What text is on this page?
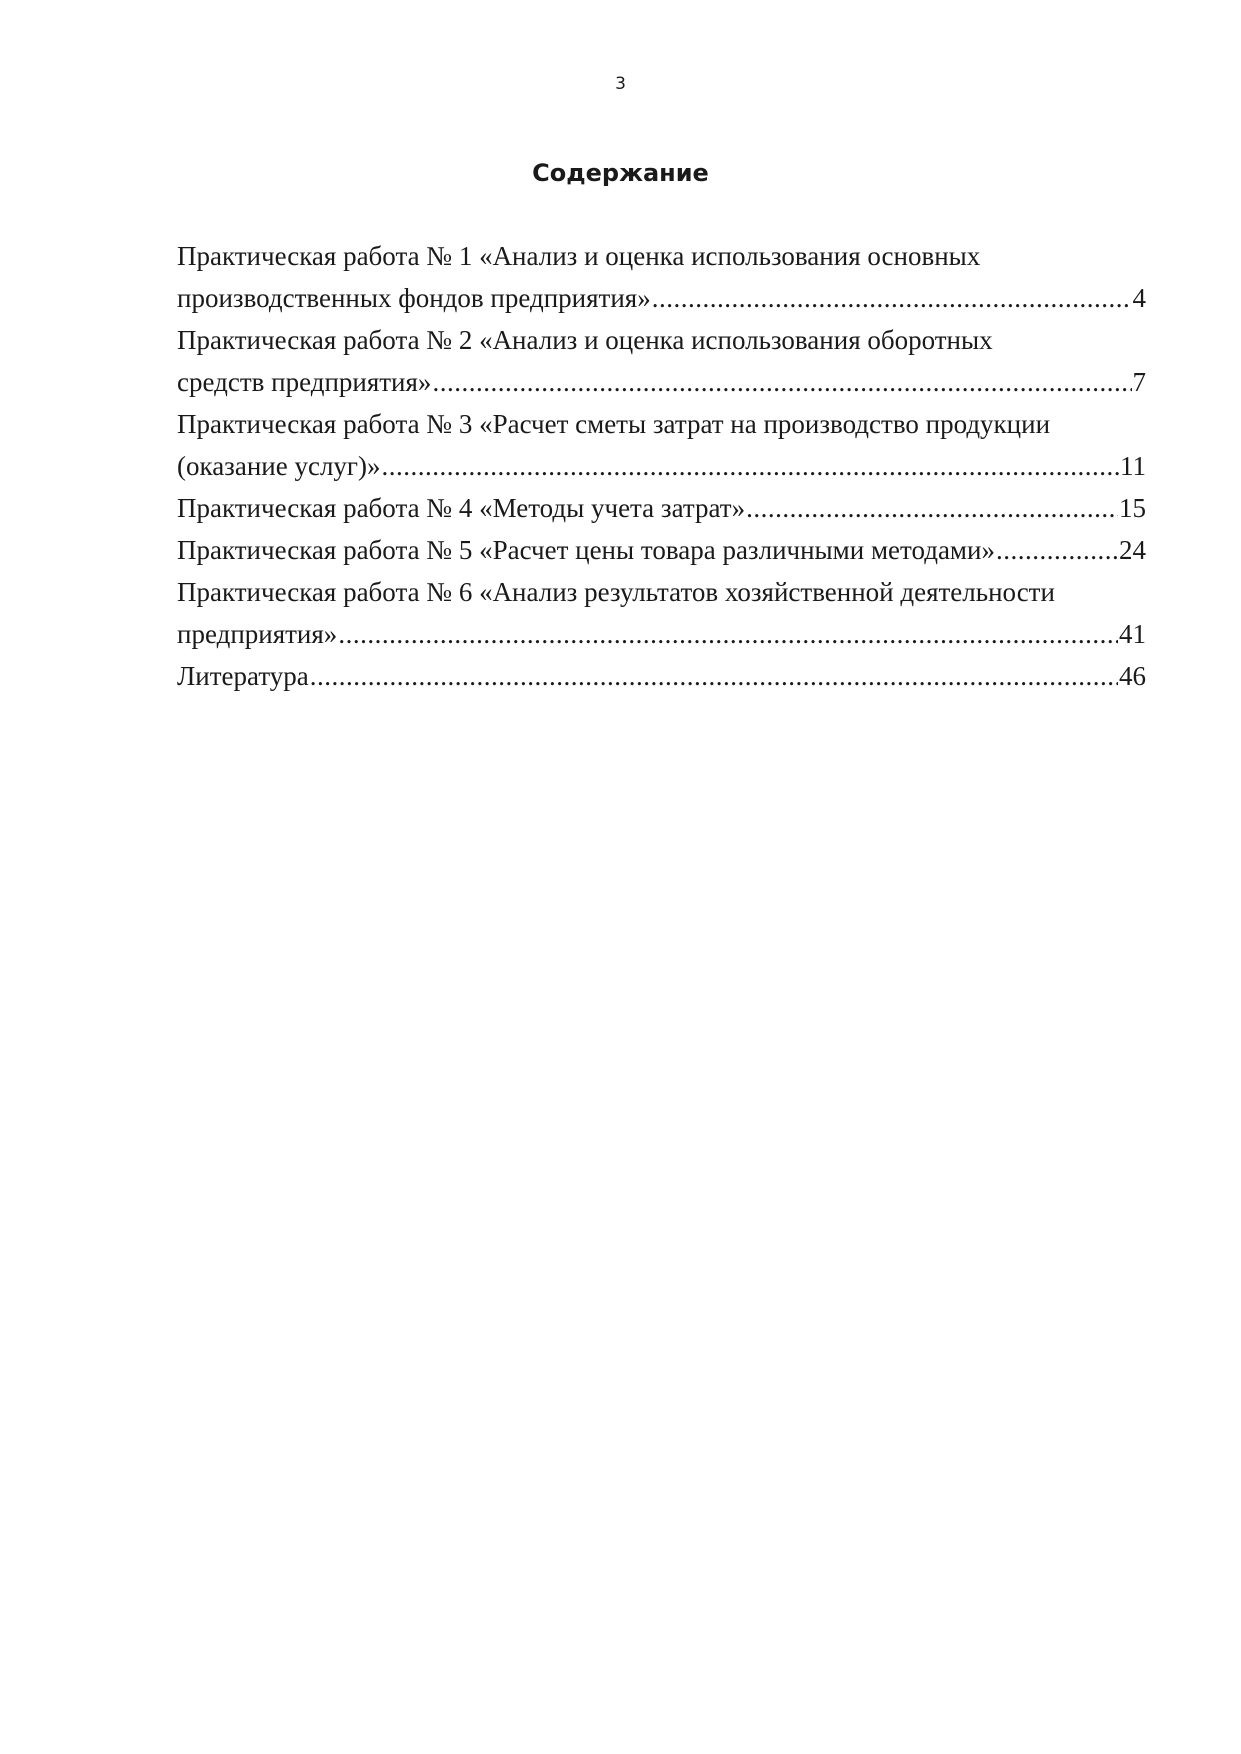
3
Содержание
Практическая работа № 1 «Анализ и оценка использования основных
производственных фондов предприятия» .....	4
Практическая работа № 2 «Анализ и оценка использования оборотных
средств предприятия» .....	7
Практическая работа № 3 «Расчет сметы затрат на производство продукции
(оказание услуг)» .....	11
Практическая работа № 4 «Методы учета затрат» .....	15
Практическая работа № 5 «Расчет цены товара различными методами» .....	24
Практическая работа № 6 «Анализ результатов хозяйственной деятельности
предприятия» .....	41
Литература .....	46
